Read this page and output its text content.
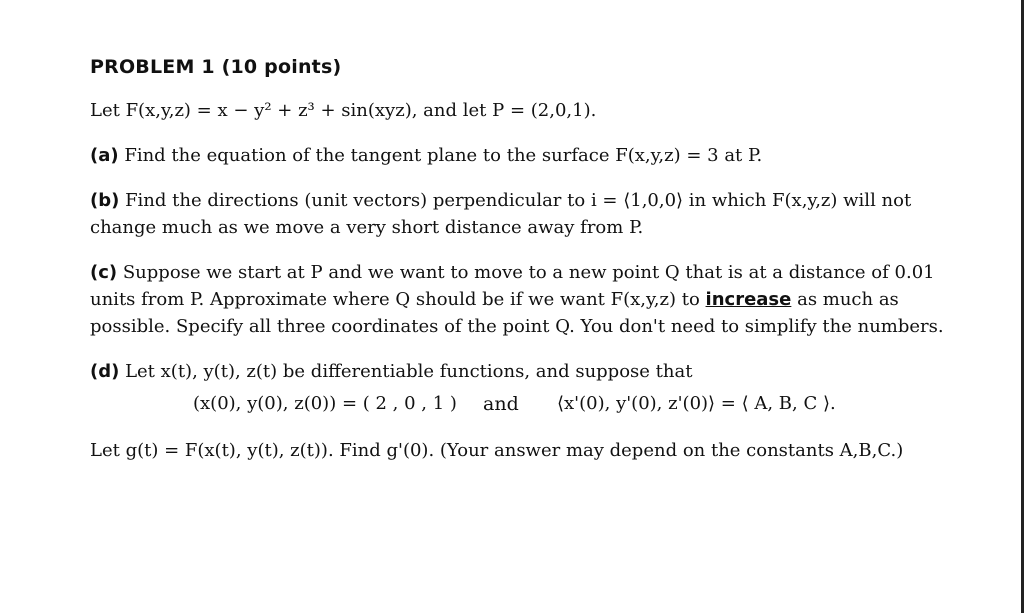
PROBLEM 1 (10 points)
Let F(x,y,z) = x − y² + z³ + sin(xyz), and let P = (2,0,1).
(a) Find the equation of the tangent plane to the surface F(x,y,z) = 3 at P.
(b) Find the directions (unit vectors) perpendicular to i = ⟨1,0,0⟩ in which F(x,y,z) will not
change much as we move a very short distance away from P.
(c) Suppose we start at P and we want to move to a new point Q that is at a distance of 0.01
units from P. Approximate where Q should be if we want F(x,y,z) to increase as much as
possible. Specify all three coordinates of the point Q. You don't need to simplify the numbers.
(d) Let x(t), y(t), z(t) be differentiable functions, and suppose that
(x(0), y(0), z(0)) = ( 2 , 0 , 1 ) and ⟨x'(0), y'(0), z'(0)⟩ = ⟨ A, B, C ⟩.
Let g(t) = F(x(t), y(t), z(t)). Find g'(0). (Your answer may depend on the constants A,B,C.)
